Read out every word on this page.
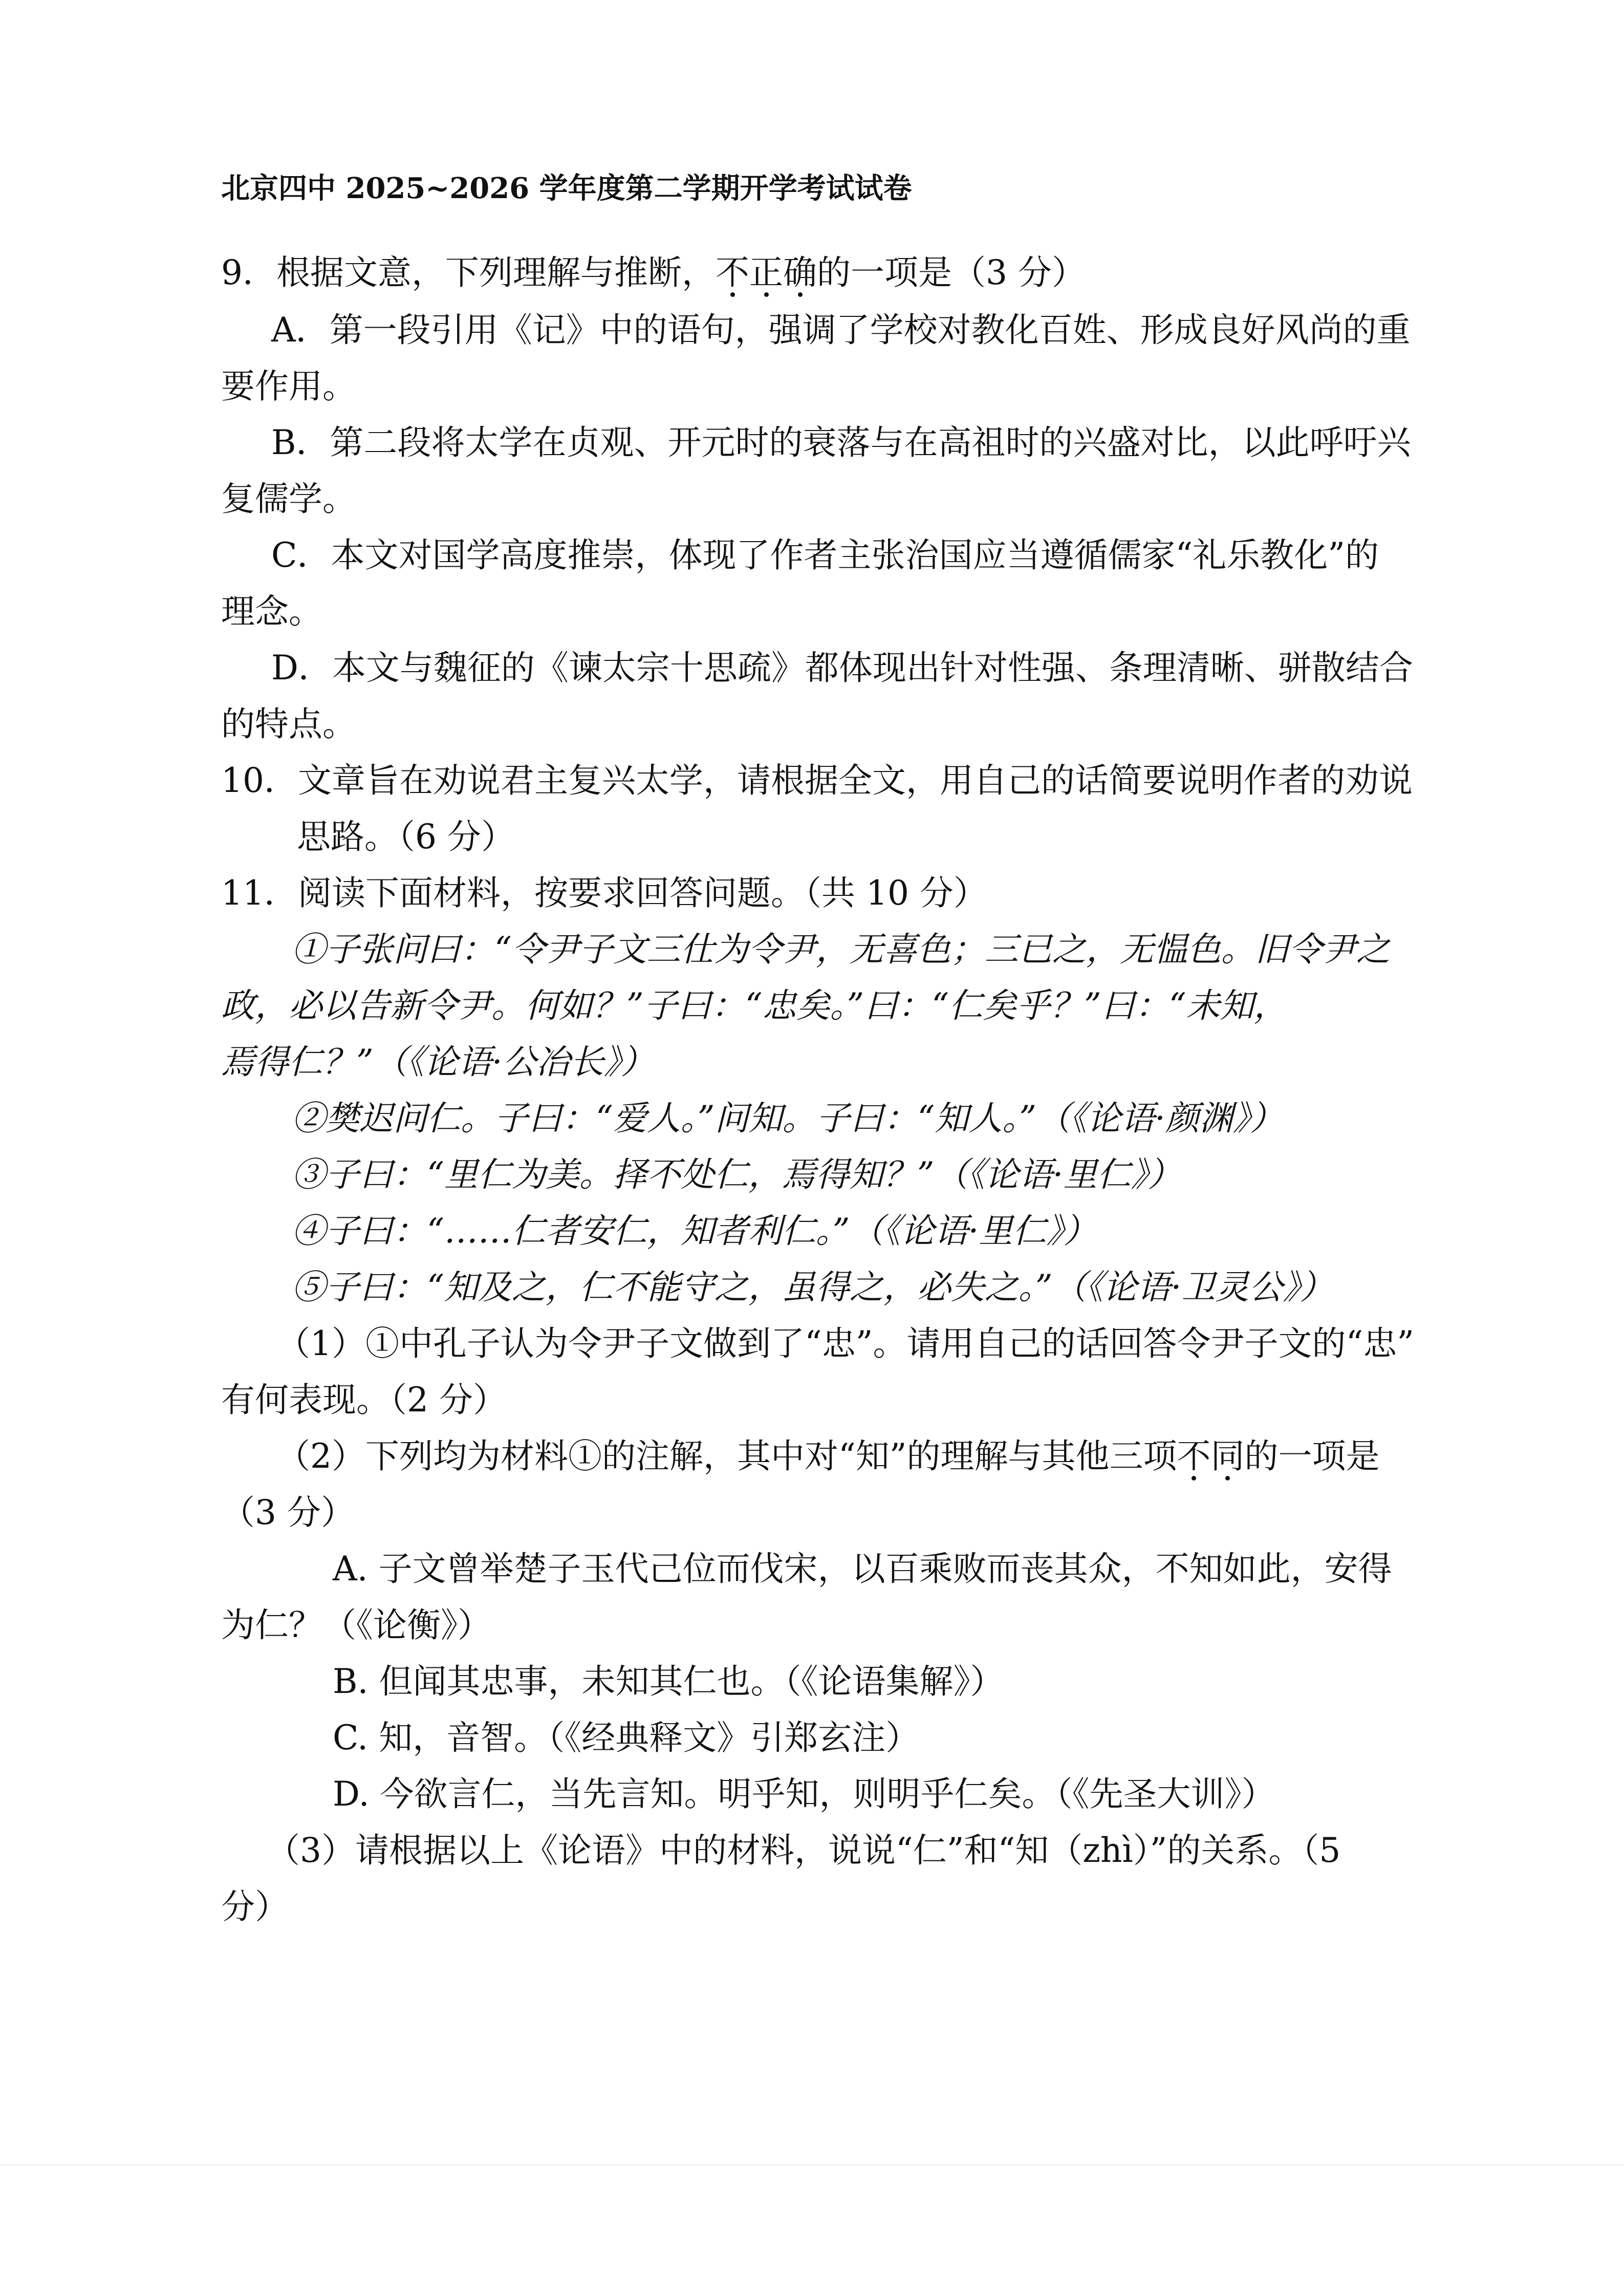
北京四中 2025~2026 学年度第二学期开学考试试卷
9．根据文意，下列理解与推断，不正确的一项是（3 分）
A．第一段引用《记》中的语句，强调了学校对教化百姓、形成良好风尚的重
要作用。
B．第二段将太学在贞观、开元时的衰落与在高祖时的兴盛对比，以此呼吁兴
复儒学。
C．本文对国学高度推崇，体现了作者主张治国应当遵循儒家“礼乐教化”的
理念。
D．本文与魏征的《谏太宗十思疏》都体现出针对性强、条理清晰、骈散结合
的特点。
10．文章旨在劝说君主复兴太学，请根据全文，用自己的话简要说明作者的劝说
思路。（6 分）
11．阅读下面材料，按要求回答问题。（共 10 分）
①子张问曰：“令尹子文三仕为令尹，无喜色；三已之，无愠色。旧令尹之
政，必以告新令尹。何如？”子曰：“忠矣。”曰：“仁矣乎？”曰：“未知，
焉得仁？”（《论语·公冶长》）
②樊迟问仁。子曰：“爱人。”问知。子曰：“知人。”（《论语·颜渊》）
③子曰：“里仁为美。择不处仁，焉得知？”（《论语·里仁》）
④子曰：“……仁者安仁，知者利仁。”（《论语·里仁》）
⑤子曰：“知及之，仁不能守之，虽得之，必失之。”（《论语·卫灵公》）
（1）①中孔子认为令尹子文做到了“忠”。请用自己的话回答令尹子文的“忠”
有何表现。（2 分）
（2）下列均为材料①的注解，其中对“知”的理解与其他三项不同的一项是
（3 分）
A. 子文曾举楚子玉代己位而伐宋，以百乘败而丧其众，不知如此，安得
为仁？（《论衡》）
B. 但闻其忠事，未知其仁也。（《论语集解》）
C. 知，音智。（《经典释文》引郑玄注）
D. 今欲言仁，当先言知。明乎知，则明乎仁矣。（《先圣大训》）
（3）请根据以上《论语》中的材料，说说“仁”和“知（zhì）”的关系。（5
分）
